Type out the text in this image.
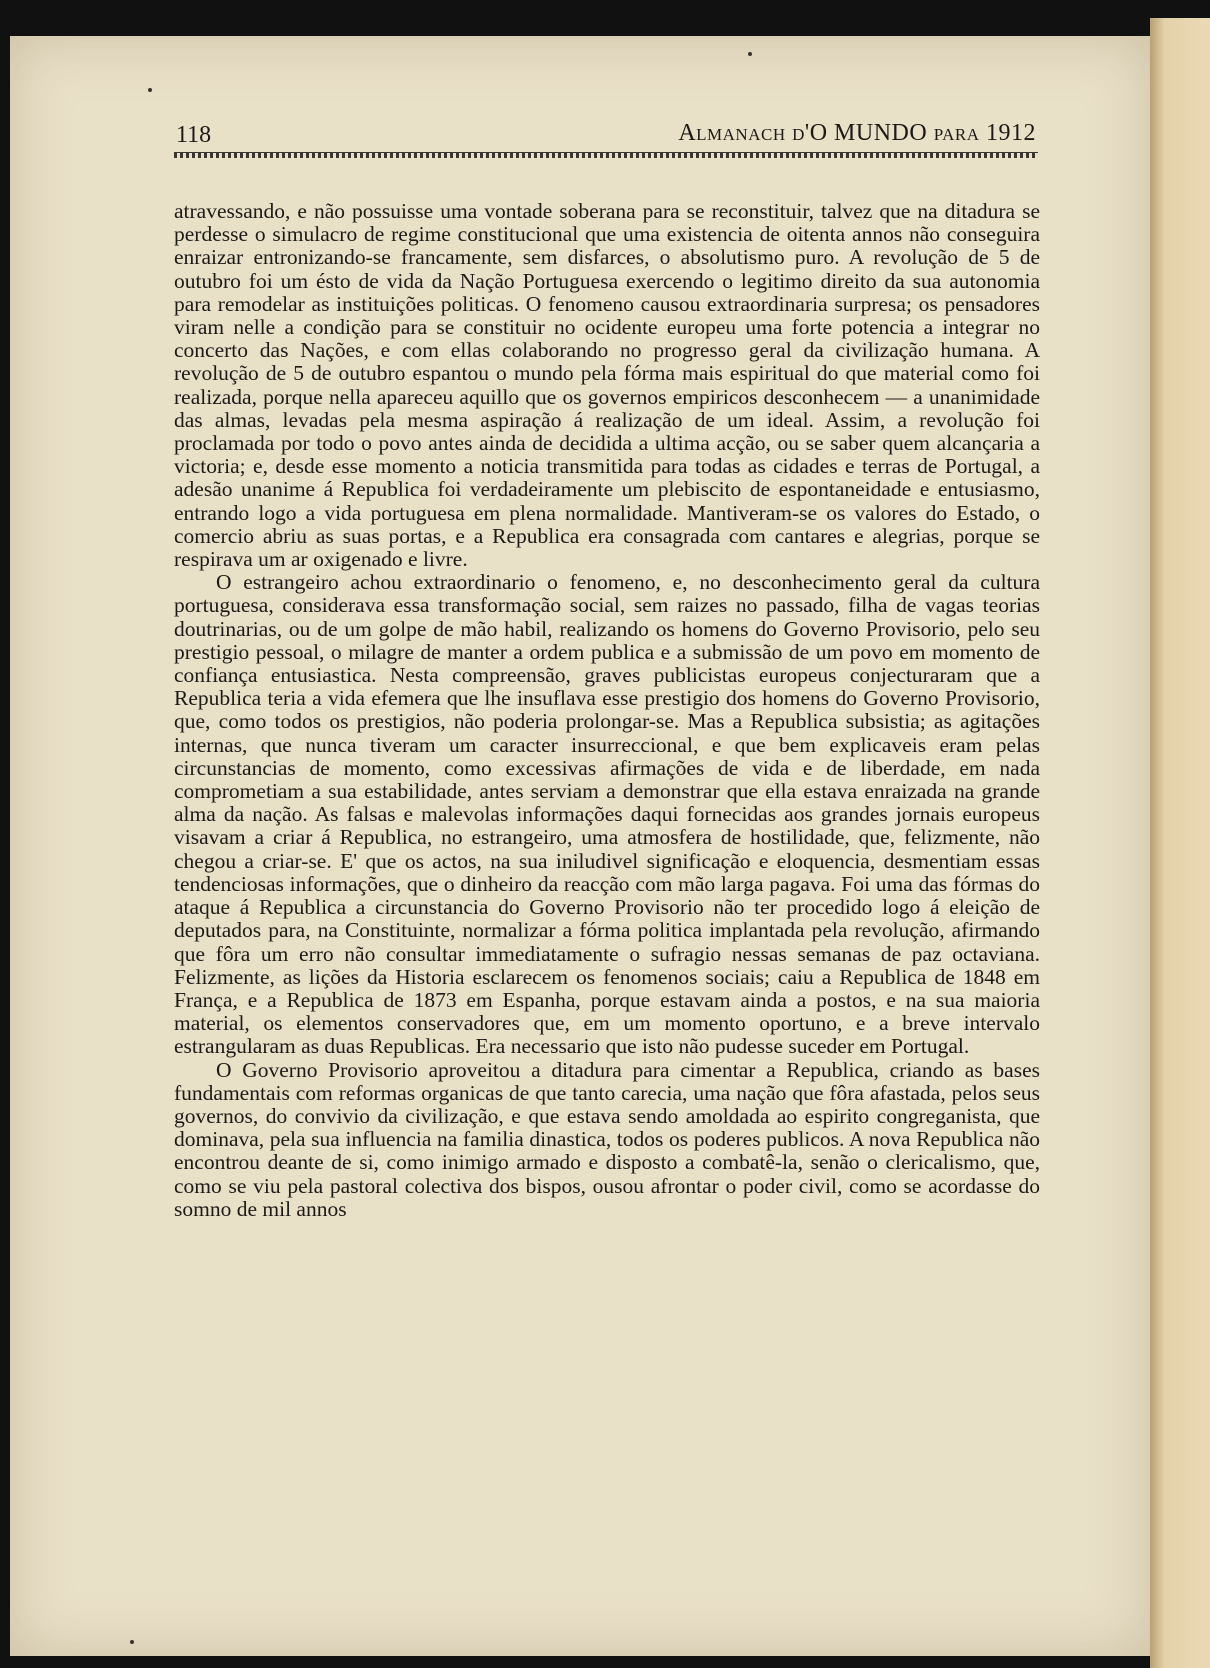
118	Almanach d'O MUNDO para 1912

atravessando, e não possuisse uma vontade soberana para se reconstituir, talvez que na ditadura se perdesse o simulacro de regime constitucional que uma existencia de oitenta annos não conseguira enraizar entronizando-se francamente, sem disfarces, o absolutismo puro. A revolução de 5 de outubro foi um ésto de vida da Nação Portuguesa exercendo o legitimo direito da sua autonomia para remodelar as instituições politicas. O fenomeno causou extraordinaria surpresa; os pensadores viram nelle a condição para se constituir no ocidente europeu uma forte potencia a integrar no concerto das Nações, e com ellas colaborando no progresso geral da civilização humana. A revolução de 5 de outubro espantou o mundo pela fórma mais espiritual do que material como foi realizada, porque nella apareceu aquillo que os governos empiricos desconhecem — a unanimidade das almas, levadas pela mesma aspiração á realização de um ideal. Assim, a revolução foi proclamada por todo o povo antes ainda de decidida a ultima acção, ou se saber quem alcançaria a victoria; e, desde esse momento a noticia transmitida para todas as cidades e terras de Portugal, a adesão unanime á Republica foi verdadeiramente um plebiscito de espontaneidade e entusiasmo, entrando logo a vida portuguesa em plena normalidade. Mantiveram-se os valores do Estado, o comercio abriu as suas portas, e a Republica era consagrada com cantares e alegrias, porque se respirava um ar oxigenado e livre.

O estrangeiro achou extraordinario o fenomeno, e, no desconhecimento geral da cultura portuguesa, considerava essa transformação social, sem raizes no passado, filha de vagas teorias doutrinarias, ou de um golpe de mão habil, realizando os homens do Governo Provisorio, pelo seu prestigio pessoal, o milagre de manter a ordem publica e a submissão de um povo em momento de confiança entusiastica. Nesta compreensão, graves publicistas europeus conjecturaram que a Republica teria a vida efemera que lhe insuflava esse prestigio dos homens do Governo Provisorio, que, como todos os prestigios, não poderia prolongar-se. Mas a Republica subsistia; as agitações internas, que nunca tiveram um caracter insurreccional, e que bem explicaveis eram pelas circunstancias de momento, como excessivas afirmações de vida e de liberdade, em nada comprometiam a sua estabilidade, antes serviam a demonstrar que ella estava enraizada na grande alma da nação. As falsas e malevolas informações daqui fornecidas aos grandes jornais europeus visavam a criar á Republica, no estrangeiro, uma atmosfera de hostilidade, que, felizmente, não chegou a criar-se. E' que os actos, na sua iniludivel significação e eloquencia, desmentiam essas tendenciosas informações, que o dinheiro da reacção com mão larga pagava. Foi uma das fórmas do ataque á Republica a circunstancia do Governo Provisorio não ter procedido logo á eleição de deputados para, na Constituinte, normalizar a fórma politica implantada pela revolução, afirmando que fôra um erro não consultar immediatamente o sufragio nessas semanas de paz octaviana. Felizmente, as lições da Historia esclarecem os fenomenos sociais; caiu a Republica de 1848 em França, e a Republica de 1873 em Espanha, porque estavam ainda a postos, e na sua maioria material, os elementos conservadores que, em um momento oportuno, e a breve intervalo estrangularam as duas Republicas. Era necessario que isto não pudesse suceder em Portugal.

O Governo Provisorio aproveitou a ditadura para cimentar a Republica, criando as bases fundamentais com reformas organicas de que tanto carecia, uma nação que fôra afastada, pelos seus governos, do convivio da civilização, e que estava sendo amoldada ao espirito congreganista, que dominava, pela sua influencia na familia dinastica, todos os poderes publicos. A nova Republica não encontrou deante de si, como inimigo armado e disposto a combatê-la, senão o clericalismo, que, como se viu pela pastoral colectiva dos bispos, ousou afrontar o poder civil, como se acordasse do somno de mil annos
